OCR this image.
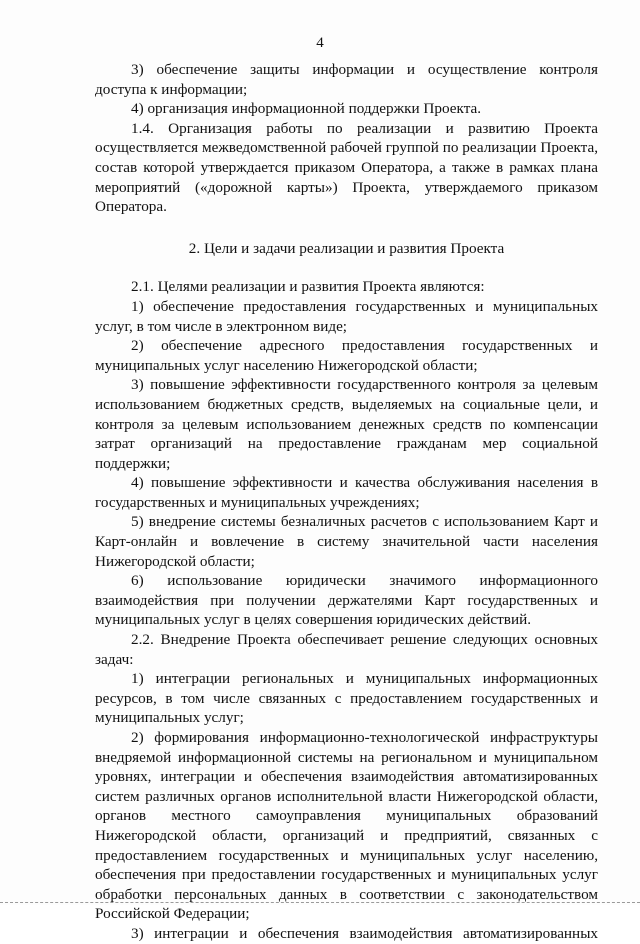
4

3) обеспечение защиты информации и осуществление контроля доступа к информации;

4) организация информационной поддержки Проекта.

1.4. Организация работы по реализации и развитию Проекта осуществляется межведомственной рабочей группой по реализации Проекта, состав которой утверждается приказом Оператора, а также в рамках плана мероприятий («дорожной карты») Проекта, утверждаемого приказом Оператора.

2. Цели и задачи реализации и развития Проекта

2.1. Целями реализации и развития Проекта являются:

1) обеспечение предоставления государственных и муниципальных услуг, в том числе в электронном виде;

2) обеспечение адресного предоставления государственных и муниципальных услуг населению Нижегородской области;

3) повышение эффективности государственного контроля за целевым использованием бюджетных средств, выделяемых на социальные цели, и контроля за целевым использованием денежных средств по компенсации затрат организаций на предоставление гражданам мер социальной поддержки;

4) повышение эффективности и качества обслуживания населения в государственных и муниципальных учреждениях;

5) внедрение системы безналичных расчетов с использованием Карт и Карт-онлайн и вовлечение в систему значительной части населения Нижегородской области;

6) использование юридически значимого информационного взаимодействия при получении держателями Карт государственных и муниципальных услуг в целях совершения юридических действий.

2.2. Внедрение Проекта обеспечивает решение следующих основных задач:

1) интеграции региональных и муниципальных информационных ресурсов, в том числе связанных с предоставлением государственных и муниципальных услуг;

2) формирования информационно-технологической инфраструктуры внедряемой информационной системы на региональном и муниципальном уровнях, интеграции и обеспечения взаимодействия автоматизированных систем различных органов исполнительной власти Нижегородской области, органов местного самоуправления муниципальных образований Нижегородской области, организаций и предприятий, связанных с предоставлением государственных и муниципальных услуг населению, обеспечения при предоставлении государственных и муниципальных услуг обработки персональных данных в соответствии с законодательством Российской Федерации;

3) интеграции и обеспечения взаимодействия автоматизированных
